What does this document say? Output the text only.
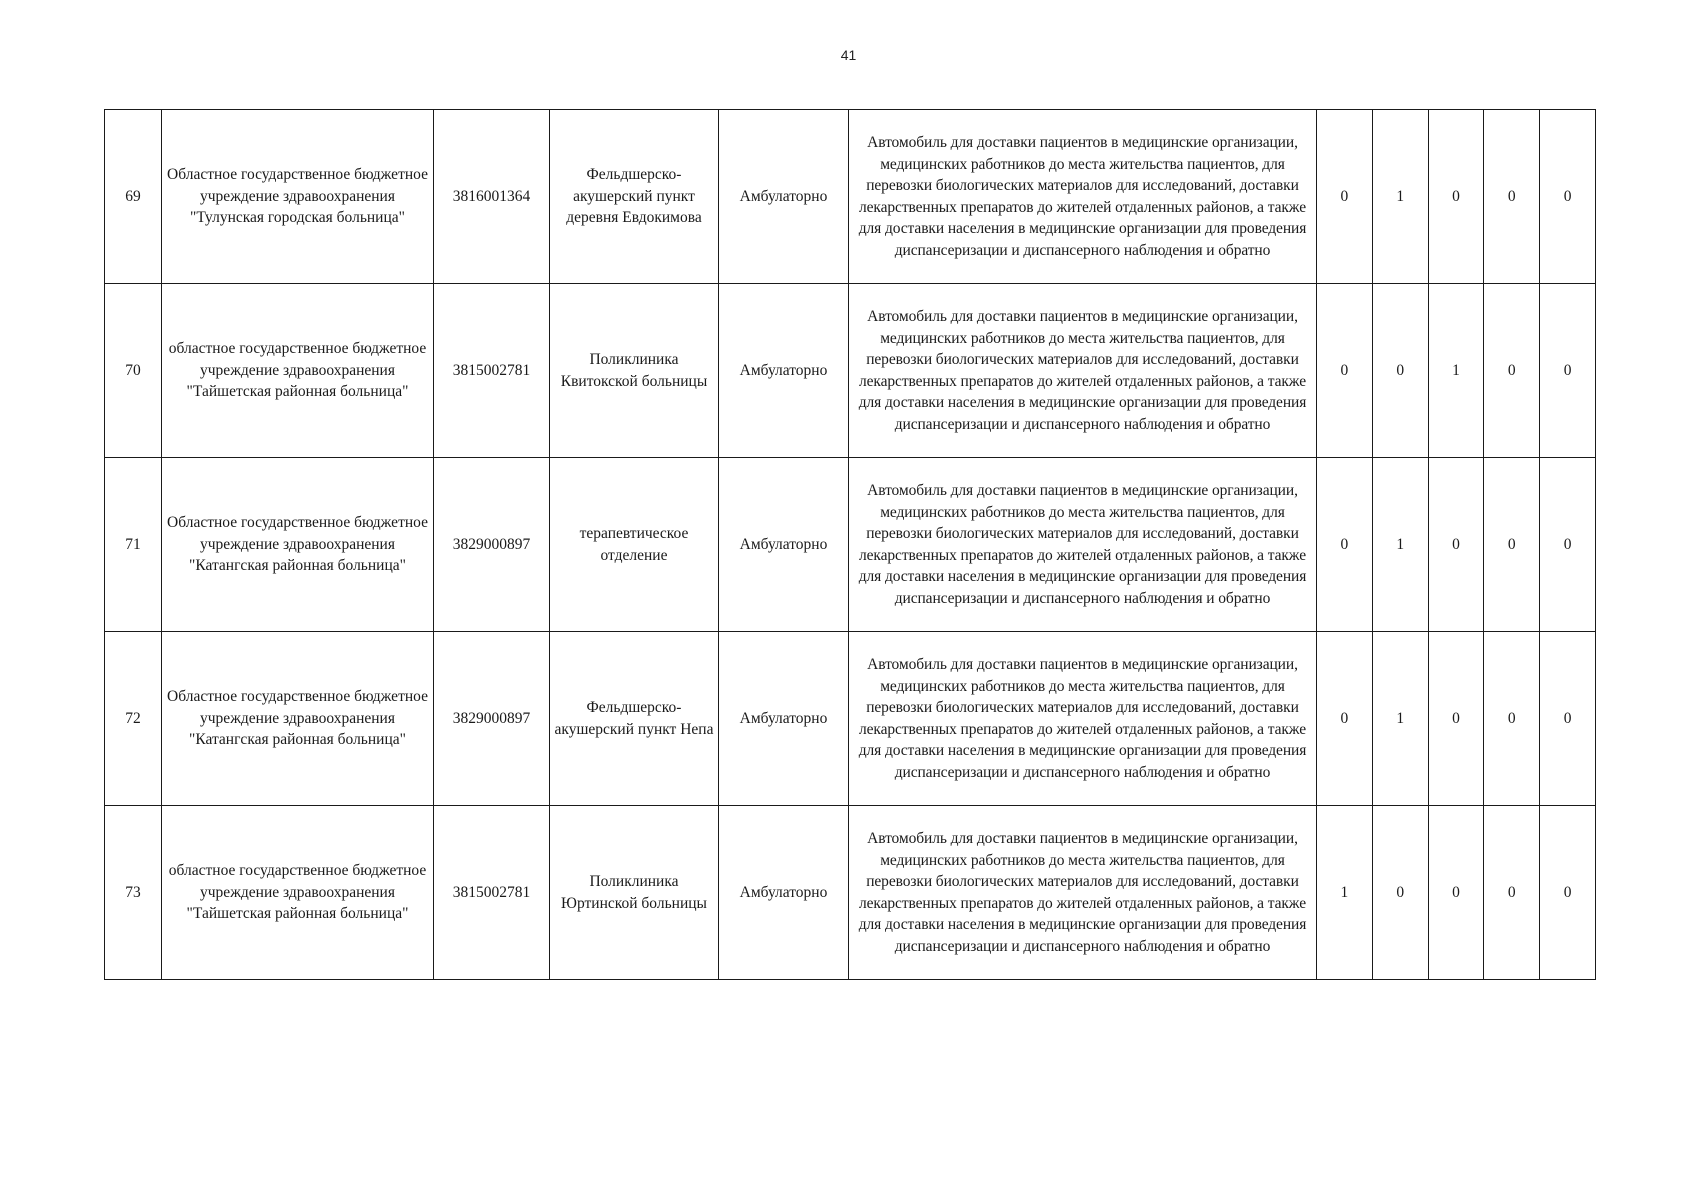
41
69	Областное государственное бюджетное учреждение здравоохранения "Тулунская городская больница"	3816001364	Фельдшерско-акушерский пункт деревня Евдокимова	Амбулаторно	Автомобиль для доставки пациентов в медицинские организации, медицинских работников до места жительства пациентов, для перевозки биологических материалов для исследований, доставки лекарственных препаратов до жителей отдаленных районов, а также для доставки населения в медицинские организации для проведения диспансеризации и диспансерного наблюдения и обратно	0	1	0	0	0
70	областное государственное бюджетное учреждение здравоохранения "Тайшетская районная больница"	3815002781	Поликлиника Квитокской больницы	Амбулаторно	Автомобиль для доставки пациентов в медицинские организации, медицинских работников до места жительства пациентов, для перевозки биологических материалов для исследований, доставки лекарственных препаратов до жителей отдаленных районов, а также для доставки населения в медицинские организации для проведения диспансеризации и диспансерного наблюдения и обратно	0	0	1	0	0
71	Областное государственное бюджетное учреждение здравоохранения "Катангская районная больница"	3829000897	терапевтическое отделение	Амбулаторно	Автомобиль для доставки пациентов в медицинские организации, медицинских работников до места жительства пациентов, для перевозки биологических материалов для исследований, доставки лекарственных препаратов до жителей отдаленных районов, а также для доставки населения в медицинские организации для проведения диспансеризации и диспансерного наблюдения и обратно	0	1	0	0	0
72	Областное государственное бюджетное учреждение здравоохранения "Катангская районная больница"	3829000897	Фельдшерско-акушерский пункт Непа	Амбулаторно	Автомобиль для доставки пациентов в медицинские организации, медицинских работников до места жительства пациентов, для перевозки биологических материалов для исследований, доставки лекарственных препаратов до жителей отдаленных районов, а также для доставки населения в медицинские организации для проведения диспансеризации и диспансерного наблюдения и обратно	0	1	0	0	0
73	областное государственное бюджетное учреждение здравоохранения "Тайшетская районная больница"	3815002781	Поликлиника Юртинской больницы	Амбулаторно	Автомобиль для доставки пациентов в медицинские организации, медицинских работников до места жительства пациентов, для перевозки биологических материалов для исследований, доставки лекарственных препаратов до жителей отдаленных районов, а также для доставки населения в медицинские организации для проведения диспансеризации и диспансерного наблюдения и обратно	1	0	0	0	0
